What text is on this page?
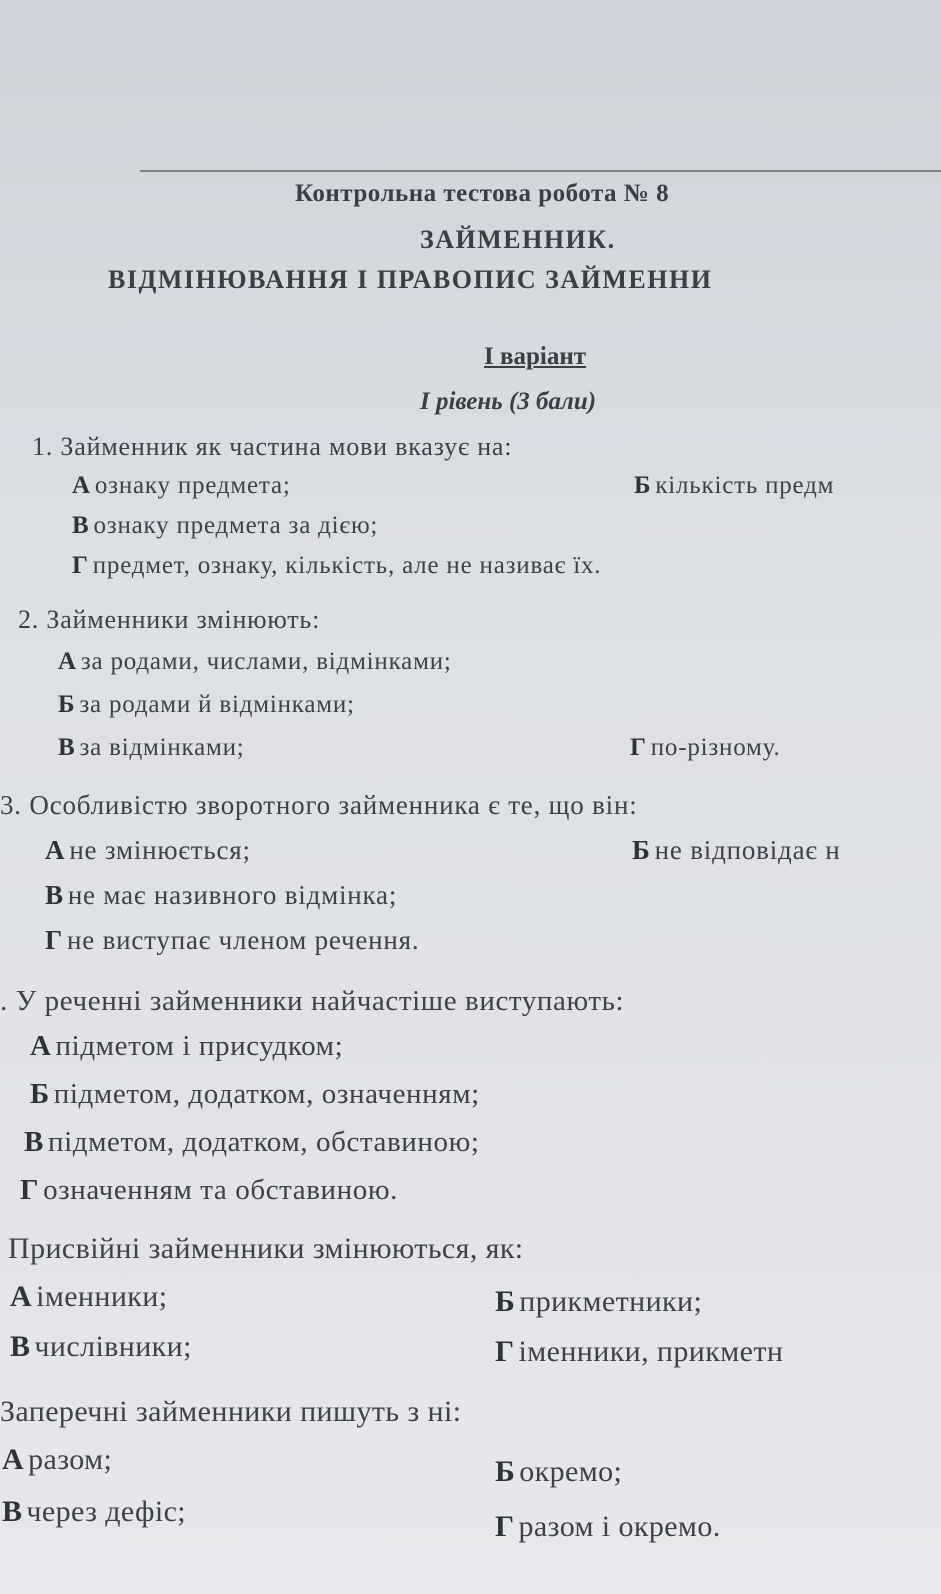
Контрольна тестова робота № 8
ЗАЙМЕННИК.
ВІДМІНЮВАННЯ І ПРАВОПИС ЗАЙМЕННИ
I варіант
I рівень (3 бали)
1. Займенник як частина мови вказує на:
А ознаку предмета;	Б кількість предм
В ознаку предмета за дією;
Г предмет, ознаку, кількість, але не називає їх.
2. Займенники змінюють:
А за родами, числами, відмінками;
Б за родами й відмінками;
В за відмінками;	Г по-різному.
3. Особливістю зворотного займенника є те, що він:
А не змінюється;	Б не відповідає н
В не має називного відмінка;
Г не виступає членом речення.
. У реченні займенники найчастіше виступають:
А підметом і присудком;
Б підметом, додатком, означенням;
В підметом, додатком, обставиною;
Г означенням та обставиною.
Присвійні займенники змінюються, як:
А іменники;	Б прикметники;
В числівники;	Г іменники, прикметн
Заперечні займенники пишуть з ні:
А разом;	Б окремо;
В через дефіс;	Г разом і окремо.
